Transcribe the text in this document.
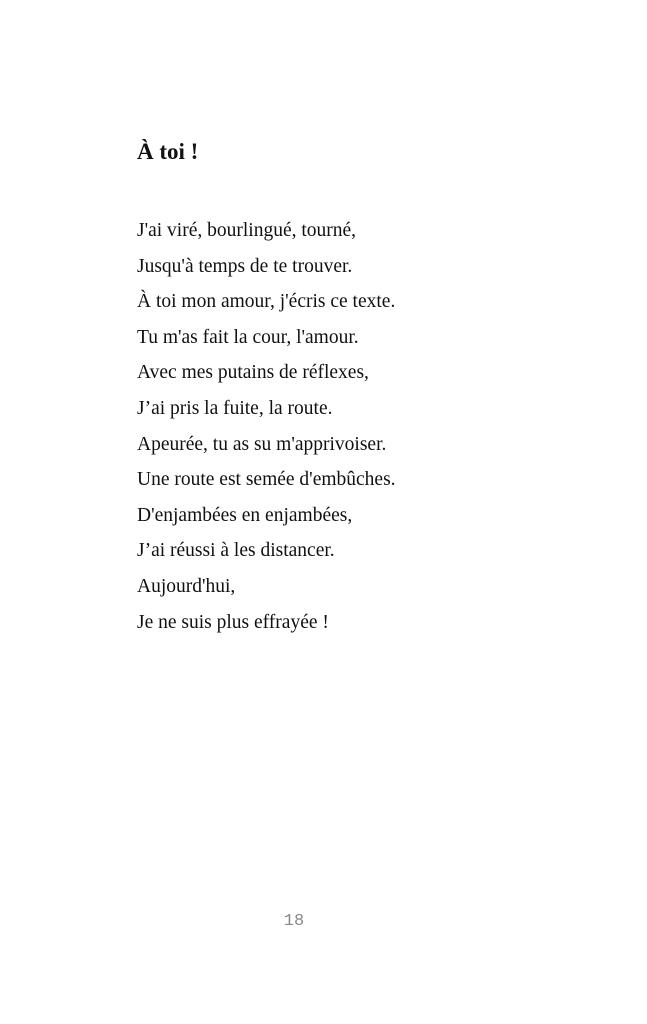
À toi !
J'ai viré, bourlingué, tourné,
Jusqu'à temps de te trouver.
À toi mon amour, j'écris ce texte.
Tu m'as fait la cour, l'amour.
Avec mes putains de réflexes,
J’ai pris la fuite, la route.
Apeurée, tu as su m'apprivoiser.
Une route est semée d'embûches.
D'enjambées en enjambées,
J’ai réussi à les distancer.
Aujourd'hui,
Je ne suis plus effrayée !
18
